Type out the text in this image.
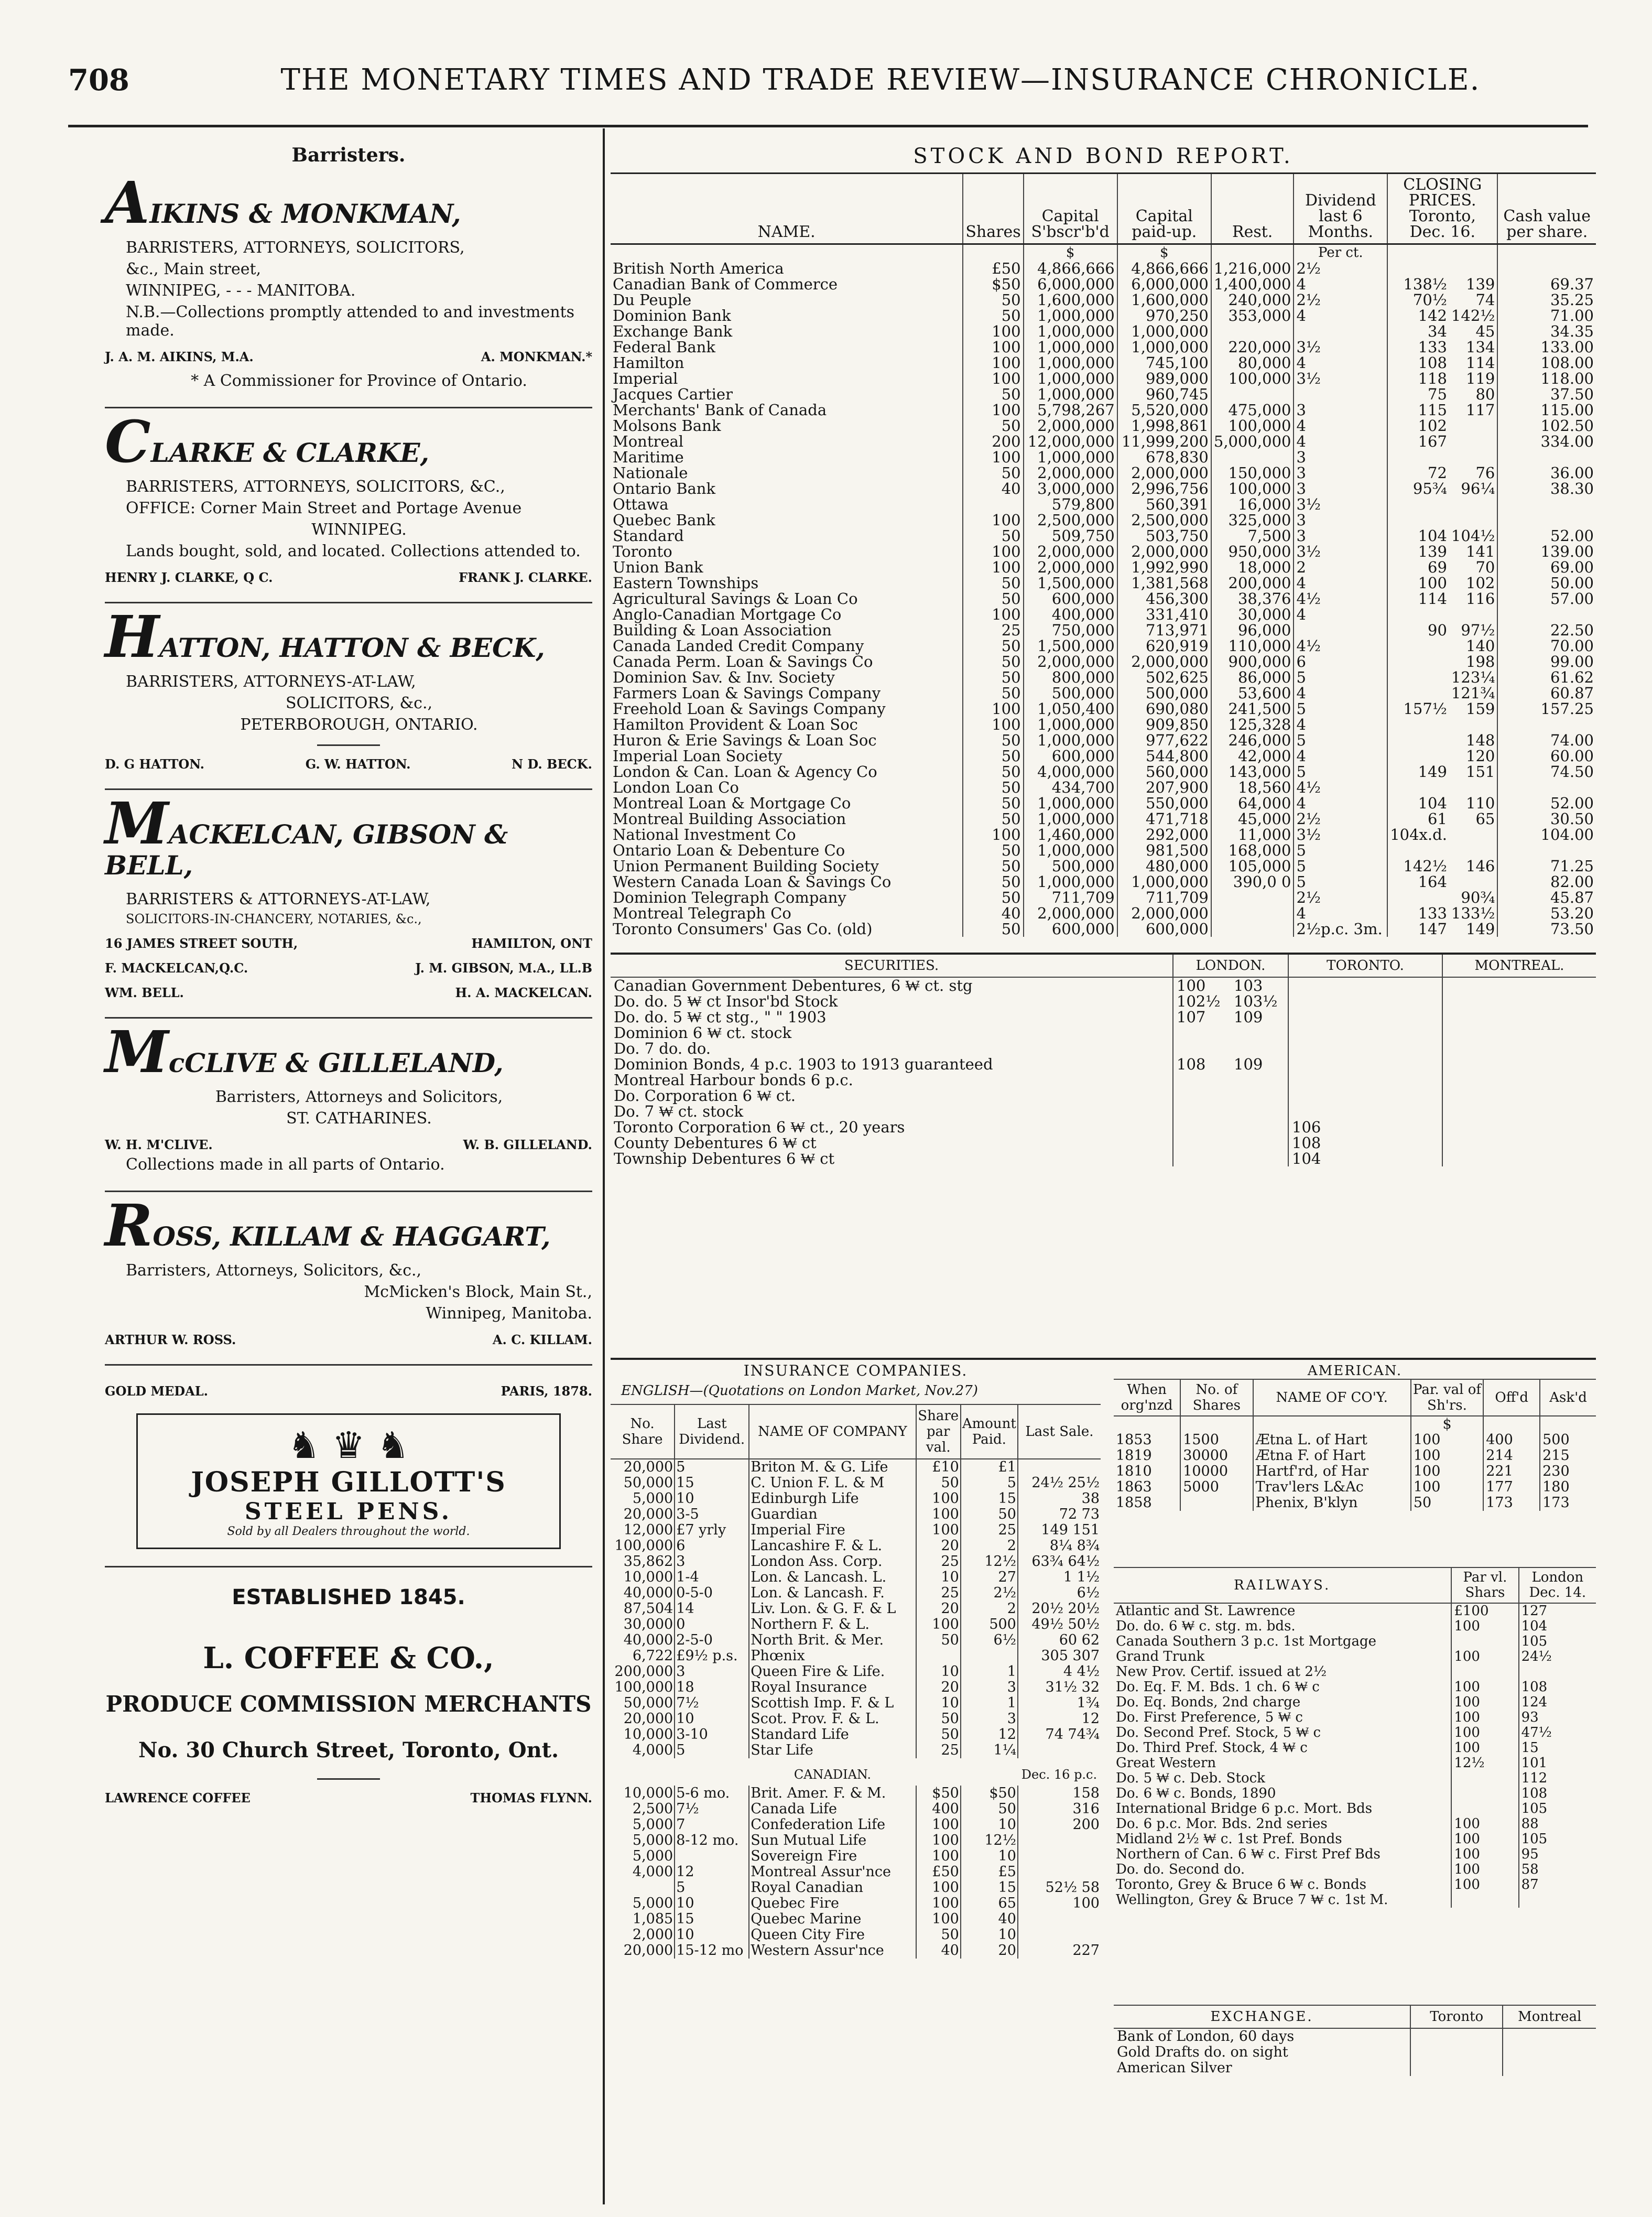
708	THE MONETARY TIMES AND TRADE REVIEW—INSURANCE CHRONICLE.
Barristers.
AIKINS & MONKMAN,
BARRISTERS, ATTORNEYS, SOLICITORS,
&c., Main street,
WINNIPEG, - - - MANITOBA.
N.B.—Collections promptly attended to and investments made.
J. A. M. AIKINS, M.A.	A. MONKMAN.*
* A Commissioner for Province of Ontario.
CLARKE & CLARKE,
BARRISTERS, ATTORNEYS, SOLICITORS, &C.,
OFFICE: Corner Main Street and Portage Avenue
WINNIPEG.
Lands bought, sold, and located. Collections attended to.
HENRY J. CLARKE, Q C.	FRANK J. CLARKE.
HATTON, HATTON & BECK,
BARRISTERS, ATTORNEYS-AT-LAW,
SOLICITORS, &c.,
PETERBOROUGH, ONTARIO.
D. G HATTON.	G. W. HATTON.	N D. BECK.
MACKELCAN, GIBSON & BELL,
BARRISTERS & ATTORNEYS-AT-LAW,
SOLICITORS-IN-CHANCERY, NOTARIES, &c.,
16 JAMES STREET SOUTH,	HAMILTON, ONT
F. MACKELCAN,Q.C.	J. M. GIBSON, M.A., LL.B
WM. BELL.	H. A. MACKELCAN.
McCLIVE & GILLELAND,
Barristers, Attorneys and Solicitors,
ST. CATHARINES.
W. H. M'CLIVE.	W. B. GILLELAND.
Collections made in all parts of Ontario.
ROSS, KILLAM & HAGGART,
Barristers, Attorneys, Solicitors, &c.,
McMicken's Block, Main St.,
Winnipeg, Manitoba.
ARTHUR W. ROSS.	A. C. KILLAM.
GOLD MEDAL.	PARIS, 1878.
♞ ♛ ♞
JOSEPH GILLOTT'S
STEEL PENS.
Sold by all Dealers throughout the world.
ESTABLISHED 1845.
L. COFFEE & CO.,
PRODUCE COMMISSION MERCHANTS
No. 30 Church Street, Toronto, Ont.
LAWRENCE COFFEE	THOMAS FLYNN.
STOCK AND BOND REPORT.
NAME.	Shares	Capital S'bscr'b'd	Capital paid-up.	Rest.	Dividend last 6 Months.	CLOSING PRICES.
Toronto, Dec. 16.		Cash value per share.
		$	$		Per ct.			
British North America	£50	4,866,666	4,866,666	1,216,000	2½			
Canadian Bank of Commerce	$50	6,000,000	6,000,000	1,400,000	4	138½	139	69.37
Du Peuple	50	1,600,000	1,600,000	240,000	2½	70½	74	35.25
Dominion Bank	50	1,000,000	970,250	353,000	4	142	142½	71.00
Exchange Bank	100	1,000,000	1,000,000			34	45	34.35
Federal Bank	100	1,000,000	1,000,000	220,000	3½	133	134	133.00
Hamilton	100	1,000,000	745,100	80,000	4	108	114	108.00
Imperial	100	1,000,000	989,000	100,000	3½	118	119	118.00
Jacques Cartier	50	1,000,000	960,745			75	80	37.50
Merchants' Bank of Canada	100	5,798,267	5,520,000	475,000	3	115	117	115.00
Molsons Bank	50	2,000,000	1,998,861	100,000	4	102		102.50
Montreal	200	12,000,000	11,999,200	5,000,000	4	167		334.00
Maritime	100	1,000,000	678,830		3			
Nationale	50	2,000,000	2,000,000	150,000	3	72	76	36.00
Ontario Bank	40	3,000,000	2,996,756	100,000	3	95¾	96¼	38.30
Ottawa		579,800	560,391	16,000	3½			
Quebec Bank	100	2,500,000	2,500,000	325,000	3			
Standard	50	509,750	503,750	7,500	3	104	104½	52.00
Toronto	100	2,000,000	2,000,000	950,000	3½	139	141	139.00
Union Bank	100	2,000,000	1,992,990	18,000	2	69	70	69.00
Eastern Townships	50	1,500,000	1,381,568	200,000	4	100	102	50.00
Agricultural Savings & Loan Co	50	600,000	456,300	38,376	4½	114	116	57.00
Anglo-Canadian Mortgage Co	100	400,000	331,410	30,000	4			
Building & Loan Association	25	750,000	713,971	96,000		90	97½	22.50
Canada Landed Credit Company	50	1,500,000	620,919	110,000	4½		140	70.00
Canada Perm. Loan & Savings Co	50	2,000,000	2,000,000	900,000	6		198	99.00
Dominion Sav. & Inv. Society	50	800,000	502,625	86,000	5		123¼	61.62
Farmers Loan & Savings Company	50	500,000	500,000	53,600	4		121¾	60.87
Freehold Loan & Savings Company	100	1,050,400	690,080	241,500	5	157½	159	157.25
Hamilton Provident & Loan Soc	100	1,000,000	909,850	125,328	4			
Huron & Erie Savings & Loan Soc	50	1,000,000	977,622	246,000	5		148	74.00
Imperial Loan Society	50	600,000	544,800	42,000	4		120	60.00
London & Can. Loan & Agency Co	50	4,000,000	560,000	143,000	5	149	151	74.50
London Loan Co	50	434,700	207,900	18,560	4½			
Montreal Loan & Mortgage Co	50	1,000,000	550,000	64,000	4	104	110	52.00
Montreal Building Association	50	1,000,000	471,718	45,000	2½	61	65	30.50
National Investment Co	100	1,460,000	292,000	11,000	3½	104x.d.		104.00
Ontario Loan & Debenture Co	50	1,000,000	981,500	168,000	5			
Union Permanent Building Society	50	500,000	480,000	105,000	5	142½	146	71.25
Western Canada Loan & Savings Co	50	1,000,000	1,000,000	390,0 0	5	164		82.00
Dominion Telegraph Company	50	711,709	711,709		2½		90¾	45.87
Montreal Telegraph Co	40	2,000,000	2,000,000		4	133	133½	53.20
Toronto Consumers' Gas Co. (old)	50	600,000	600,000		2½p.c. 3m.	147	149	73.50
SECURITIES.	LONDON.		TORONTO.	MONTREAL.
Canadian Government Debentures, 6 ₩ ct. stg	100	103		
Do. do. 5 ₩ ct Insor'bd Stock	102½	103½		
Do. do. 5 ₩ ct stg., " " 1903	107	109		
Dominion 6 ₩ ct. stock				
Do. 7 do. do.				
Dominion Bonds, 4 p.c. 1903 to 1913 guaranteed	108	109		
Montreal Harbour bonds 6 p.c.				
Do. Corporation 6 ₩ ct.				
Do. 7 ₩ ct. stock				
Toronto Corporation 6 ₩ ct., 20 years			106	
County Debentures 6 ₩ ct			108	
Township Debentures 6 ₩ ct			104	
INSURANCE COMPANIES.
ENGLISH—(Quotations on London Market, Nov.27)
No. Share	Last Dividend.	NAME OF COMPANY	Share par val.	Amount Paid.	Last Sale.
20,000	5	Briton M. & G. Life	£10	£1	
50,000	15	C. Union F. L. & M	50	5	24½ 25½
5,000	10	Edinburgh Life	100	15	38
20,000	3-5	Guardian	100	50	72 73
12,000	£7 yrly	Imperial Fire	100	25	149 151
100,000	6	Lancashire F. & L.	20	2	8¼ 8¾
35,862	3	London Ass. Corp.	25	12½	63¾ 64½
10,000	1-4	Lon. & Lancash. L.	10	27	1 1½
40,000	0-5-0	Lon. & Lancash. F.	25	2½	6½
87,504	14	Liv. Lon. & G. F. & L	20	2	20½ 20½
30,000	0	Northern F. & L.	100	500	49½ 50½
40,000	2-5-0	North Brit. & Mer.	50	6½	60 62
6,722	£9½ p.s.	Phœnix			305 307
200,000	3	Queen Fire & Life.	10	1	4 4½
100,000	18	Royal Insurance	20	3	31½ 32
50,000	7½	Scottish Imp. F. & L	10	1	1¾
20,000	10	Scot. Prov. F. & L.	50	3	12
10,000	3-10	Standard Life	50	12	74 74¾
4,000	5	Star Life	25	1¼	
		CANADIAN.			Dec. 16 p.c.
10,000	5-6 mo.	Brit. Amer. F. & M.	$50	$50	158
2,500	7½	Canada Life	400	50	316
5,000	7	Confederation Life	100	10	200
5,000	8-12 mo.	Sun Mutual Life	100	12½	
5,000		Sovereign Fire	100	10	
4,000	12	Montreal Assur'nce	£50	£5	
	5	Royal Canadian	100	15	52½ 58
5,000	10	Quebec Fire	100	65	100
1,085	15	Quebec Marine	100	40	
2,000	10	Queen City Fire	50	10	
20,000	15-12 mo	Western Assur'nce	40	20	227
AMERICAN.
When org'nzd	No. of Shares	NAME OF CO'Y.	Par. val of Sh'rs.	Off'd	Ask'd
			$		
1853	1500	Ætna L. of Hart	100	400	500
1819	30000	Ætna F. of Hart	100	214	215
1810	10000	Hartf'rd, of Har	100	221	230
1863	5000	Trav'lers L&Ac	100	177	180
1858		Phenix, B'klyn	50	173	173
RAILWAYS.	Par vl. Shars	London Dec. 14.
Atlantic and St. Lawrence	£100	127
Do. do. 6 ₩ c. stg. m. bds.	100	104
Canada Southern 3 p.c. 1st Mortgage		105
Grand Trunk	100	24½
New Prov. Certif. issued at 2½		
Do. Eq. F. M. Bds. 1 ch. 6 ₩ c	100	108
Do. Eq. Bonds, 2nd charge	100	124
Do. First Preference, 5 ₩ c	100	93
Do. Second Pref. Stock, 5 ₩ c	100	47½
Do. Third Pref. Stock, 4 ₩ c	100	15
Great Western	12½	101
Do. 5 ₩ c. Deb. Stock		112
Do. 6 ₩ c. Bonds, 1890		108
International Bridge 6 p.c. Mort. Bds		105
Do. 6 p.c. Mor. Bds. 2nd series	100	88
Midland 2½ ₩ c. 1st Pref. Bonds	100	105
Northern of Can. 6 ₩ c. First Pref Bds	100	95
Do. do. Second do.	100	58
Toronto, Grey & Bruce 6 ₩ c. Bonds	100	87
Wellington, Grey & Bruce 7 ₩ c. 1st M.		
EXCHANGE.	Toronto	Montreal
Bank of London, 60 days		
Gold Drafts do. on sight		
American Silver		
